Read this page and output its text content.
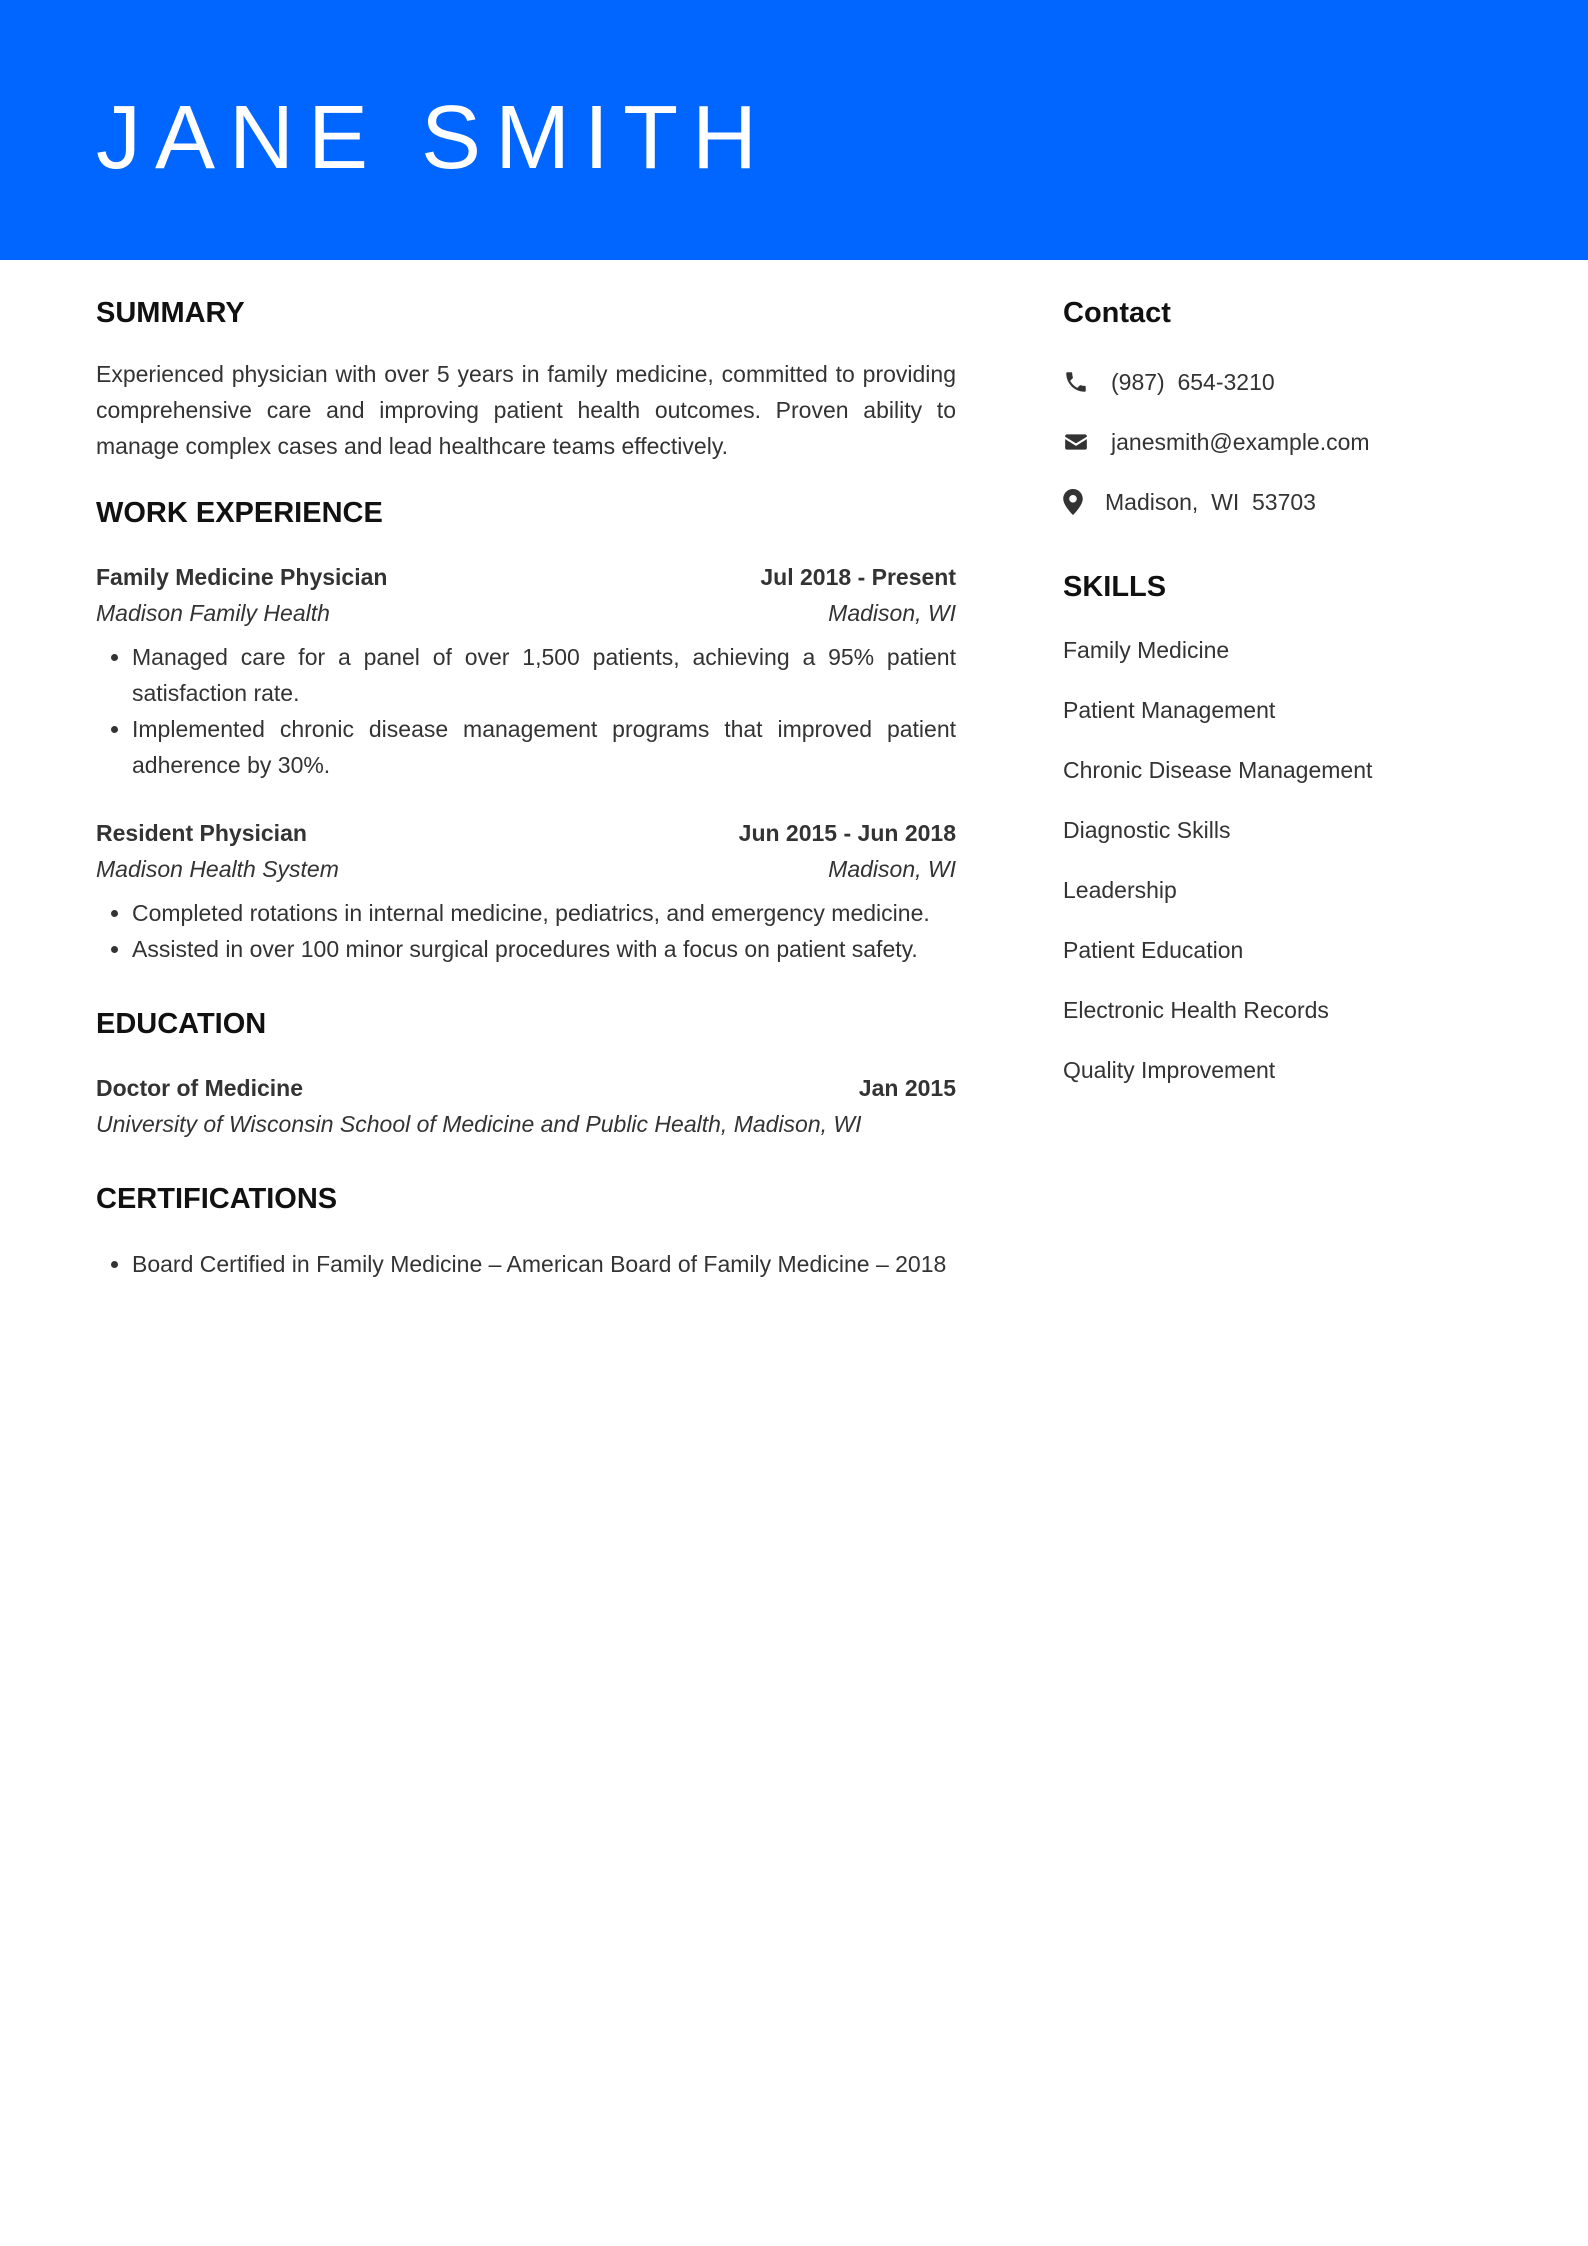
JANE SMITH
SUMMARY

Experienced physician with over 5 years in family medicine, committed to providing comprehensive care and improving patient health outcomes. Proven ability to manage complex cases and lead healthcare teams effectively.

WORK EXPERIENCE
Family Medicine Physician	Jul 2018 - Present
Madison Family Health	Madison, WI
• Managed care for a panel of over 1,500 patients, achieving a 95% patient satisfaction rate.
• Implemented chronic disease management programs that improved patient adherence by 30%.
Resident Physician	Jun 2015 - Jun 2018
Madison Health System	Madison, WI
• Completed rotations in internal medicine, pediatrics, and emergency medicine.
• Assisted in over 100 minor surgical procedures with a focus on patient safety.
EDUCATION
Doctor of Medicine	Jan 2015
University of Wisconsin School of Medicine and Public Health, Madison, WI
CERTIFICATIONS
• Board Certified in Family Medicine – American Board of Family Medicine – 2018
Contact
(987)  654-3210
janesmith@example.com
Madison,  WI  53703
SKILLS
Family Medicine
Patient Management
Chronic Disease Management
Diagnostic Skills
Leadership
Patient Education
Electronic Health Records
Quality Improvement
